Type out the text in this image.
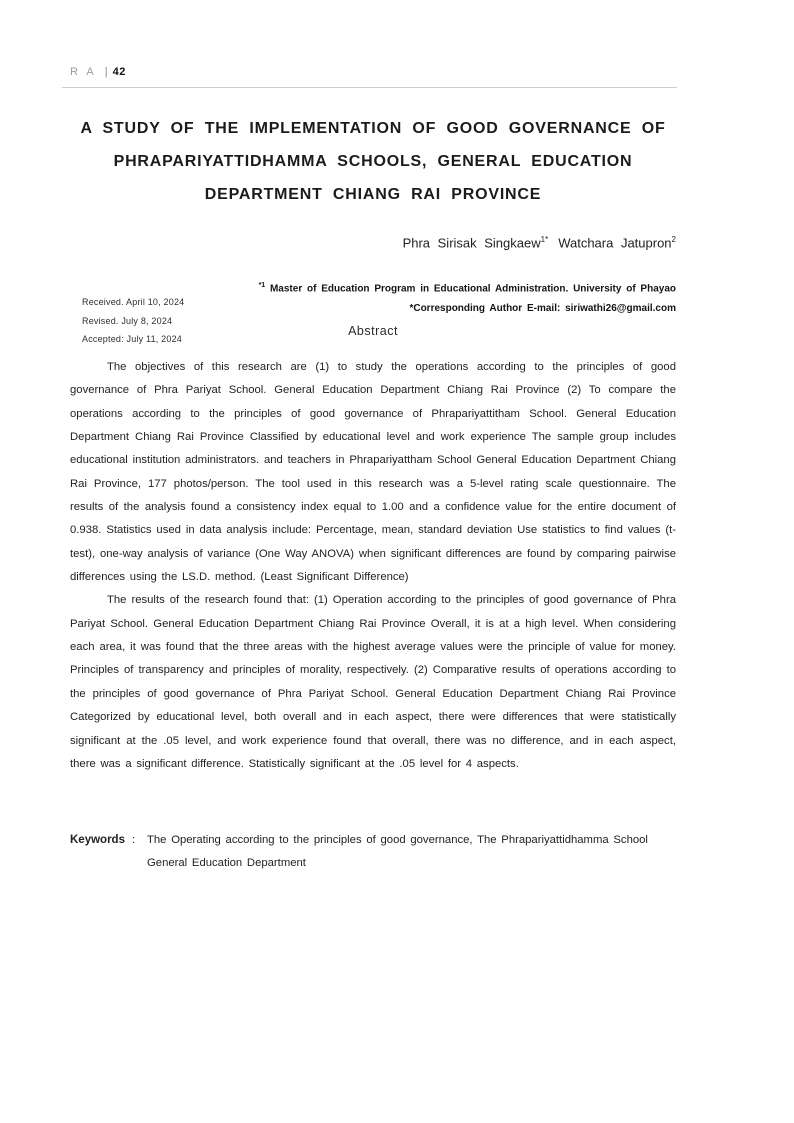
R A | 42
A STUDY OF THE IMPLEMENTATION OF GOOD GOVERNANCE OF
PHRAPARIYATTIDHAMMA SCHOOLS, GENERAL EDUCATION
DEPARTMENT CHIANG RAI PROVINCE
Phra Sirisak Singkaew$^{1*}$ Watchara Jatupron$^2$
$^{*1}$ Master of Education Program in Educational Administration. University of Phayao
*Corresponding Author E-mail: siriwathi26@gmail.com
Received. April 10, 2024
Revised. July 8, 2024
Accepted: July 11, 2024
Abstract

The objectives of this research are (1) to study the operations according to the principles of good governance of Phra Pariyat School. General Education Department Chiang Rai Province (2) To compare the operations according to the principles of good governance of Phrapariyattitham School. General Education Department Chiang Rai Province Classified by educational level and work experience The sample group includes educational institution administrators. and teachers in Phrapariyattham School General Education Department Chiang Rai Province, 177 photos/person. The tool used in this research was a 5-level rating scale questionnaire. The results of the analysis found a consistency index equal to 1.00 and a confidence value for the entire document of 0.938. Statistics used in data analysis include: Percentage, mean, standard deviation Use statistics to find values (t-test), one-way analysis of variance (One Way ANOVA) when significant differences are found by comparing pairwise differences using the LS.D. method. (Least Significant Difference)

The results of the research found that: (1) Operation according to the principles of good governance of Phra Pariyat School. General Education Department Chiang Rai Province Overall, it is at a high level. When considering each area, it was found that the three areas with the highest average values were the principle of value for money. Principles of transparency and principles of morality, respectively. (2) Comparative results of operations according to the principles of good governance of Phra Pariyat School. General Education Department Chiang Rai Province Categorized by educational level, both overall and in each aspect, there were differences that were statistically significant at the .05 level, and work experience found that overall, there was no difference, and in each aspect, there was a significant difference. Statistically significant at the .05 level for 4 aspects.

Keywords :	The Operating according to the principles of good governance, The Phrapariyattidhamma School General Education Department
